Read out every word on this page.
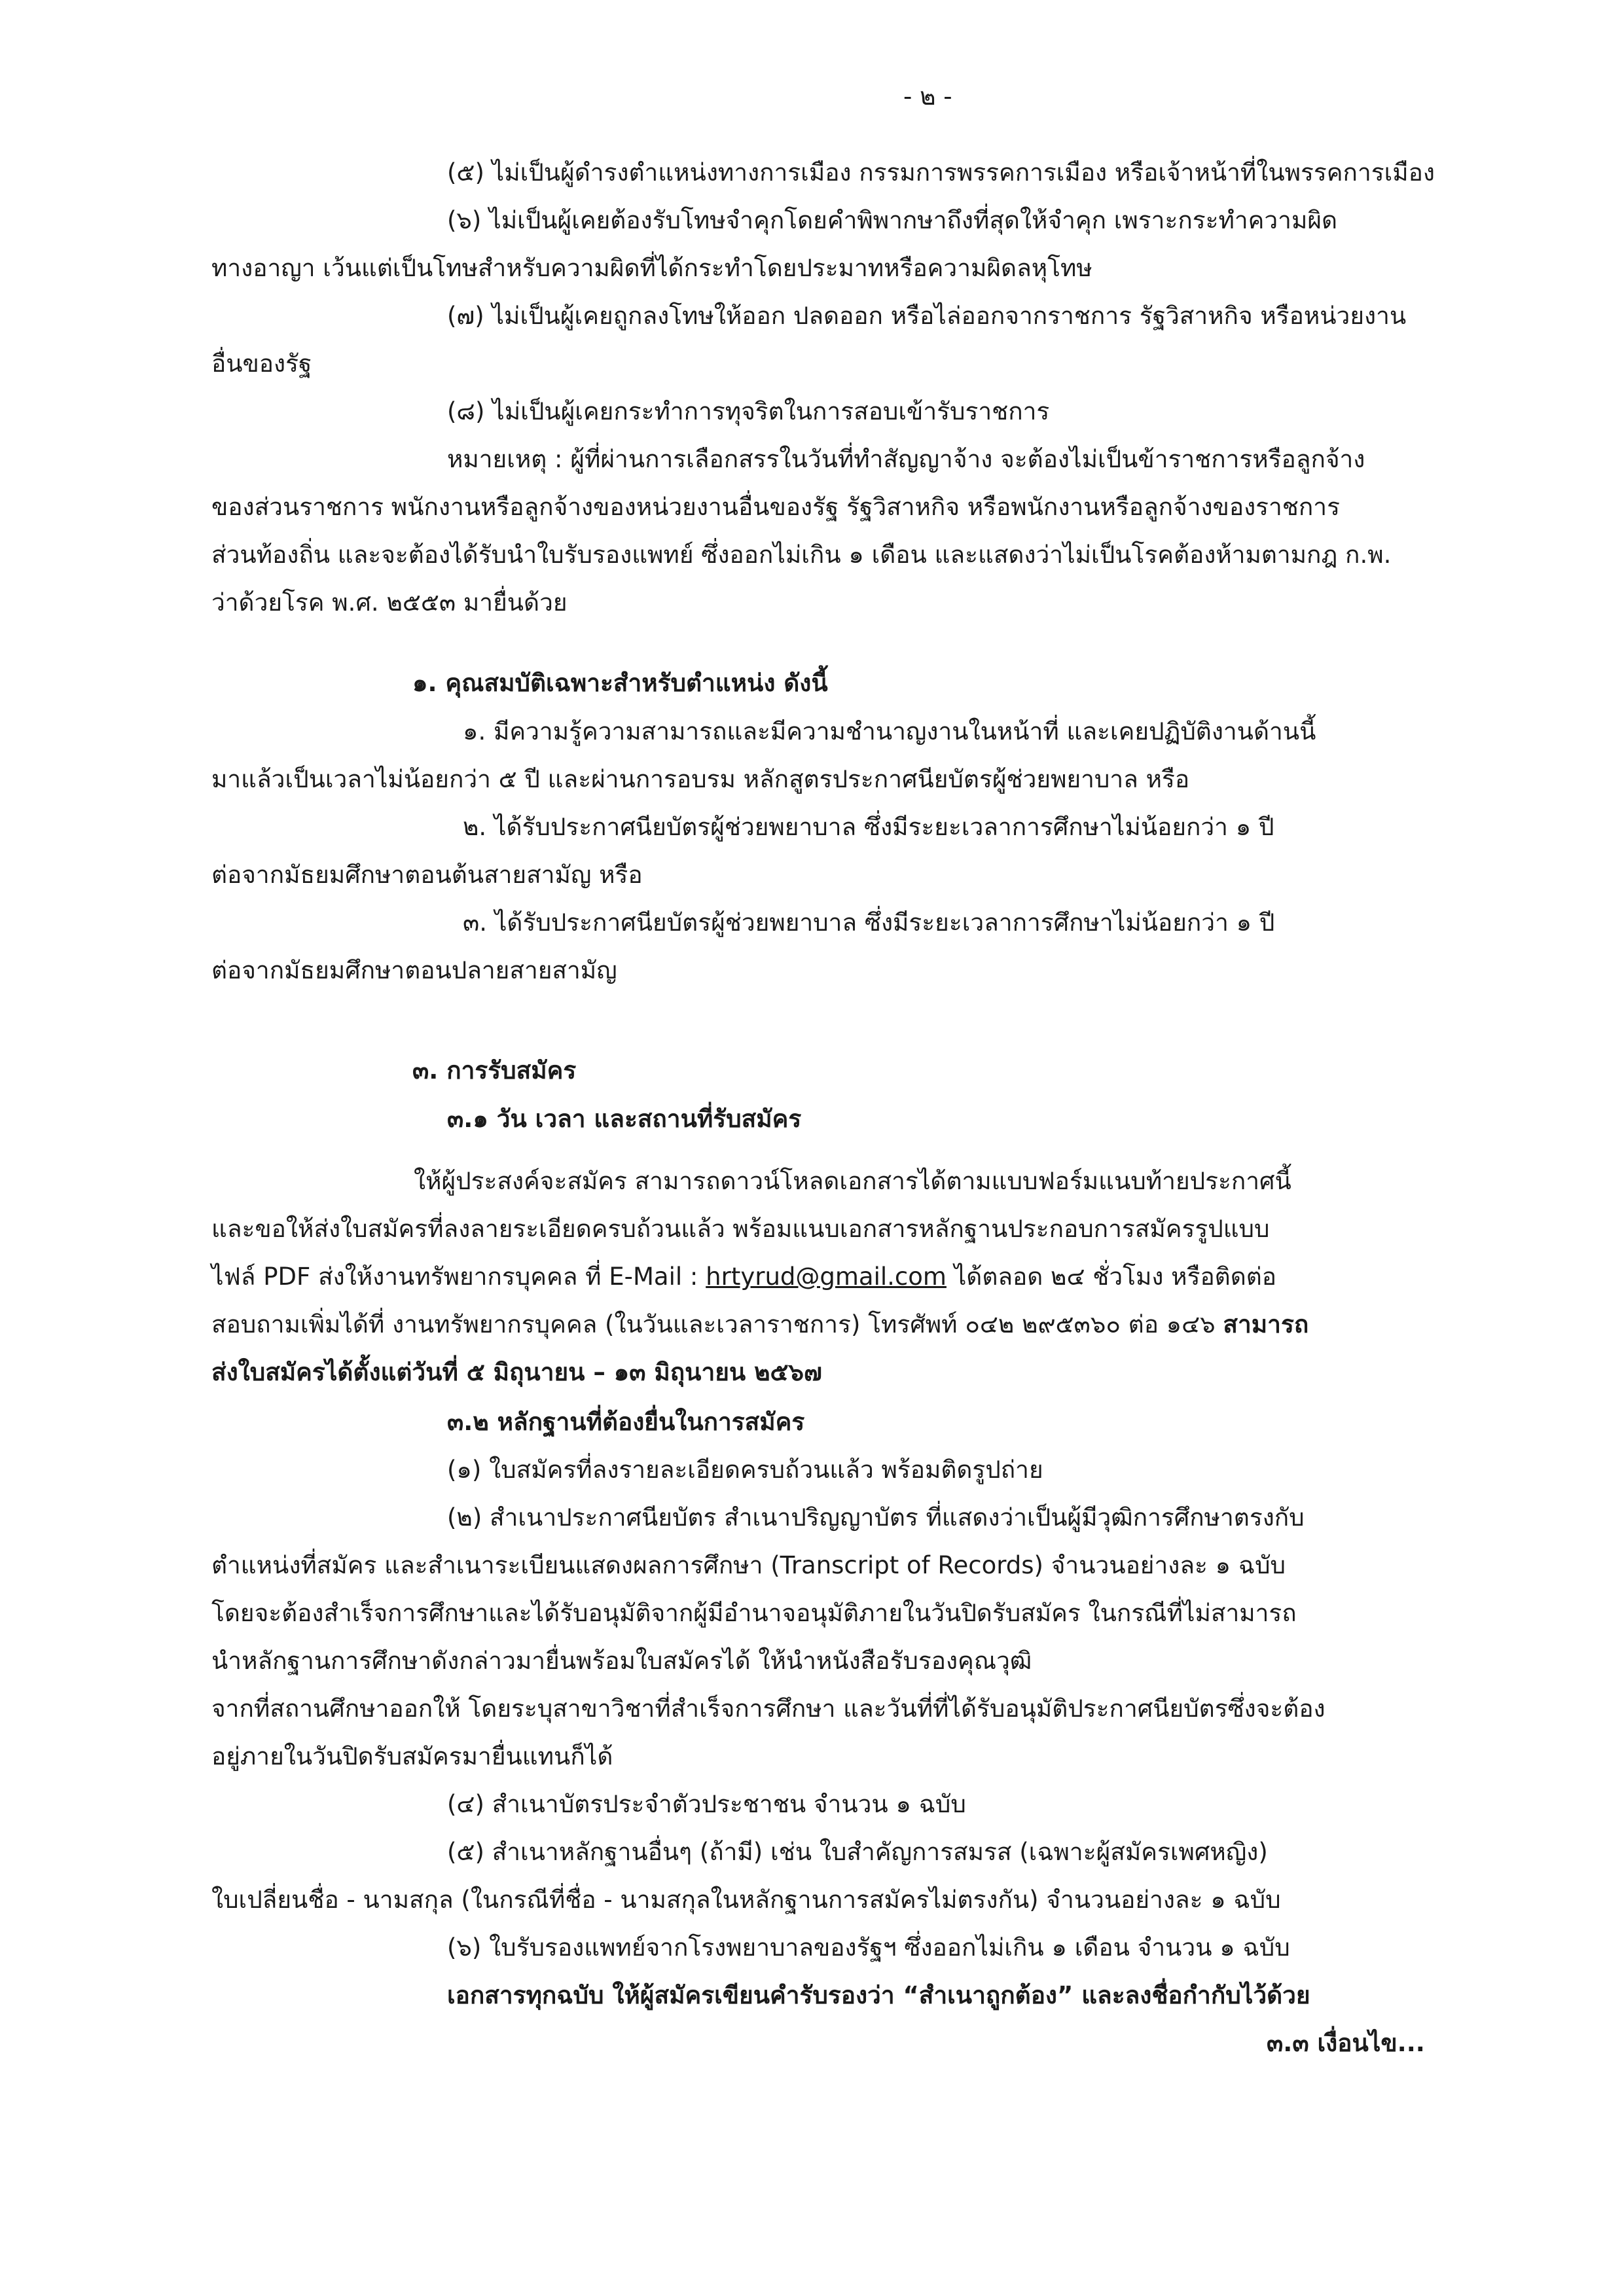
- ๒ -
(๕) ไม่เป็นผู้ดำรงตำแหน่งทางการเมือง กรรมการพรรคการเมือง หรือเจ้าหน้าที่ในพรรคการเมือง
(๖) ไม่เป็นผู้เคยต้องรับโทษจำคุกโดยคำพิพากษาถึงที่สุดให้จำคุก เพราะกระทำความผิด
ทางอาญา เว้นแต่เป็นโทษสำหรับความผิดที่ได้กระทำโดยประมาทหรือความผิดลหุโทษ
(๗) ไม่เป็นผู้เคยถูกลงโทษให้ออก ปลดออก หรือไล่ออกจากราชการ รัฐวิสาหกิจ หรือหน่วยงาน
อื่นของรัฐ
(๘) ไม่เป็นผู้เคยกระทำการทุจริตในการสอบเข้ารับราชการ
หมายเหตุ : ผู้ที่ผ่านการเลือกสรรในวันที่ทำสัญญาจ้าง จะต้องไม่เป็นข้าราชการหรือลูกจ้าง
ของส่วนราชการ พนักงานหรือลูกจ้างของหน่วยงานอื่นของรัฐ รัฐวิสาหกิจ หรือพนักงานหรือลูกจ้างของราชการ
ส่วนท้องถิ่น และจะต้องได้รับนำใบรับรองแพทย์ ซึ่งออกไม่เกิน ๑ เดือน และแสดงว่าไม่เป็นโรคต้องห้ามตามกฎ ก.พ.
ว่าด้วยโรค พ.ศ. ๒๕๕๓ มายื่นด้วย
๑. คุณสมบัติเฉพาะสำหรับตำแหน่ง ดังนี้
๑. มีความรู้ความสามารถและมีความชำนาญงานในหน้าที่ และเคยปฏิบัติงานด้านนี้
มาแล้วเป็นเวลาไม่น้อยกว่า ๕ ปี และผ่านการอบรม หลักสูตรประกาศนียบัตรผู้ช่วยพยาบาล หรือ
๒. ได้รับประกาศนียบัตรผู้ช่วยพยาบาล ซึ่งมีระยะเวลาการศึกษาไม่น้อยกว่า ๑ ปี
ต่อจากมัธยมศึกษาตอนต้นสายสามัญ หรือ
๓. ได้รับประกาศนียบัตรผู้ช่วยพยาบาล ซึ่งมีระยะเวลาการศึกษาไม่น้อยกว่า ๑ ปี
ต่อจากมัธยมศึกษาตอนปลายสายสามัญ
๓. การรับสมัคร
๓.๑ วัน เวลา และสถานที่รับสมัคร
ให้ผู้ประสงค์จะสมัคร สามารถดาวน์โหลดเอกสารได้ตามแบบฟอร์มแนบท้ายประกาศนี้
และขอให้ส่งใบสมัครที่ลงลายระเอียดครบถ้วนแล้ว พร้อมแนบเอกสารหลักฐานประกอบการสมัครรูปแบบ
ไฟล์ PDF ส่งให้งานทรัพยากรบุคคล ที่ E-Mail : hrtyrud@gmail.com ได้ตลอด ๒๔ ชั่วโมง หรือติดต่อ
สอบถามเพิ่มได้ที่ งานทรัพยากรบุคคล (ในวันและเวลาราชการ) โทรศัพท์ ๐๔๒ ๒๙๕๓๖๐ ต่อ ๑๔๖ สามารถ
ส่งใบสมัครได้ตั้งแต่วันที่ ๕ มิถุนายน – ๑๓ มิถุนายน ๒๕๖๗
๓.๒ หลักฐานที่ต้องยื่นในการสมัคร
(๑) ใบสมัครที่ลงรายละเอียดครบถ้วนแล้ว พร้อมติดรูปถ่าย
(๒) สำเนาประกาศนียบัตร สำเนาปริญญาบัตร ที่แสดงว่าเป็นผู้มีวุฒิการศึกษาตรงกับ
ตำแหน่งที่สมัคร และสำเนาระเบียนแสดงผลการศึกษา (Transcript of Records) จำนวนอย่างละ ๑ ฉบับ
โดยจะต้องสำเร็จการศึกษาและได้รับอนุมัติจากผู้มีอำนาจอนุมัติภายในวันปิดรับสมัคร ในกรณีที่ไม่สามารถ
นำหลักฐานการศึกษาดังกล่าวมายื่นพร้อมใบสมัครได้ ให้นำหนังสือรับรองคุณวุฒิ
จากที่สถานศึกษาออกให้ โดยระบุสาขาวิชาที่สำเร็จการศึกษา และวันที่ที่ได้รับอนุมัติประกาศนียบัตรซึ่งจะต้อง
อยู่ภายในวันปิดรับสมัครมายื่นแทนก็ได้
(๔) สำเนาบัตรประจำตัวประชาชน จำนวน ๑ ฉบับ
(๕) สำเนาหลักฐานอื่นๆ (ถ้ามี) เช่น ใบสำคัญการสมรส (เฉพาะผู้สมัครเพศหญิง)
ใบเปลี่ยนชื่อ - นามสกุล (ในกรณีที่ชื่อ - นามสกุลในหลักฐานการสมัครไม่ตรงกัน) จำนวนอย่างละ ๑ ฉบับ
(๖) ใบรับรองแพทย์จากโรงพยาบาลของรัฐฯ ซึ่งออกไม่เกิน ๑ เดือน จำนวน ๑ ฉบับ
เอกสารทุกฉบับ ให้ผู้สมัครเขียนคำรับรองว่า “สำเนาถูกต้อง” และลงชื่อกำกับไว้ด้วย
๓.๓ เงื่อนไข...
